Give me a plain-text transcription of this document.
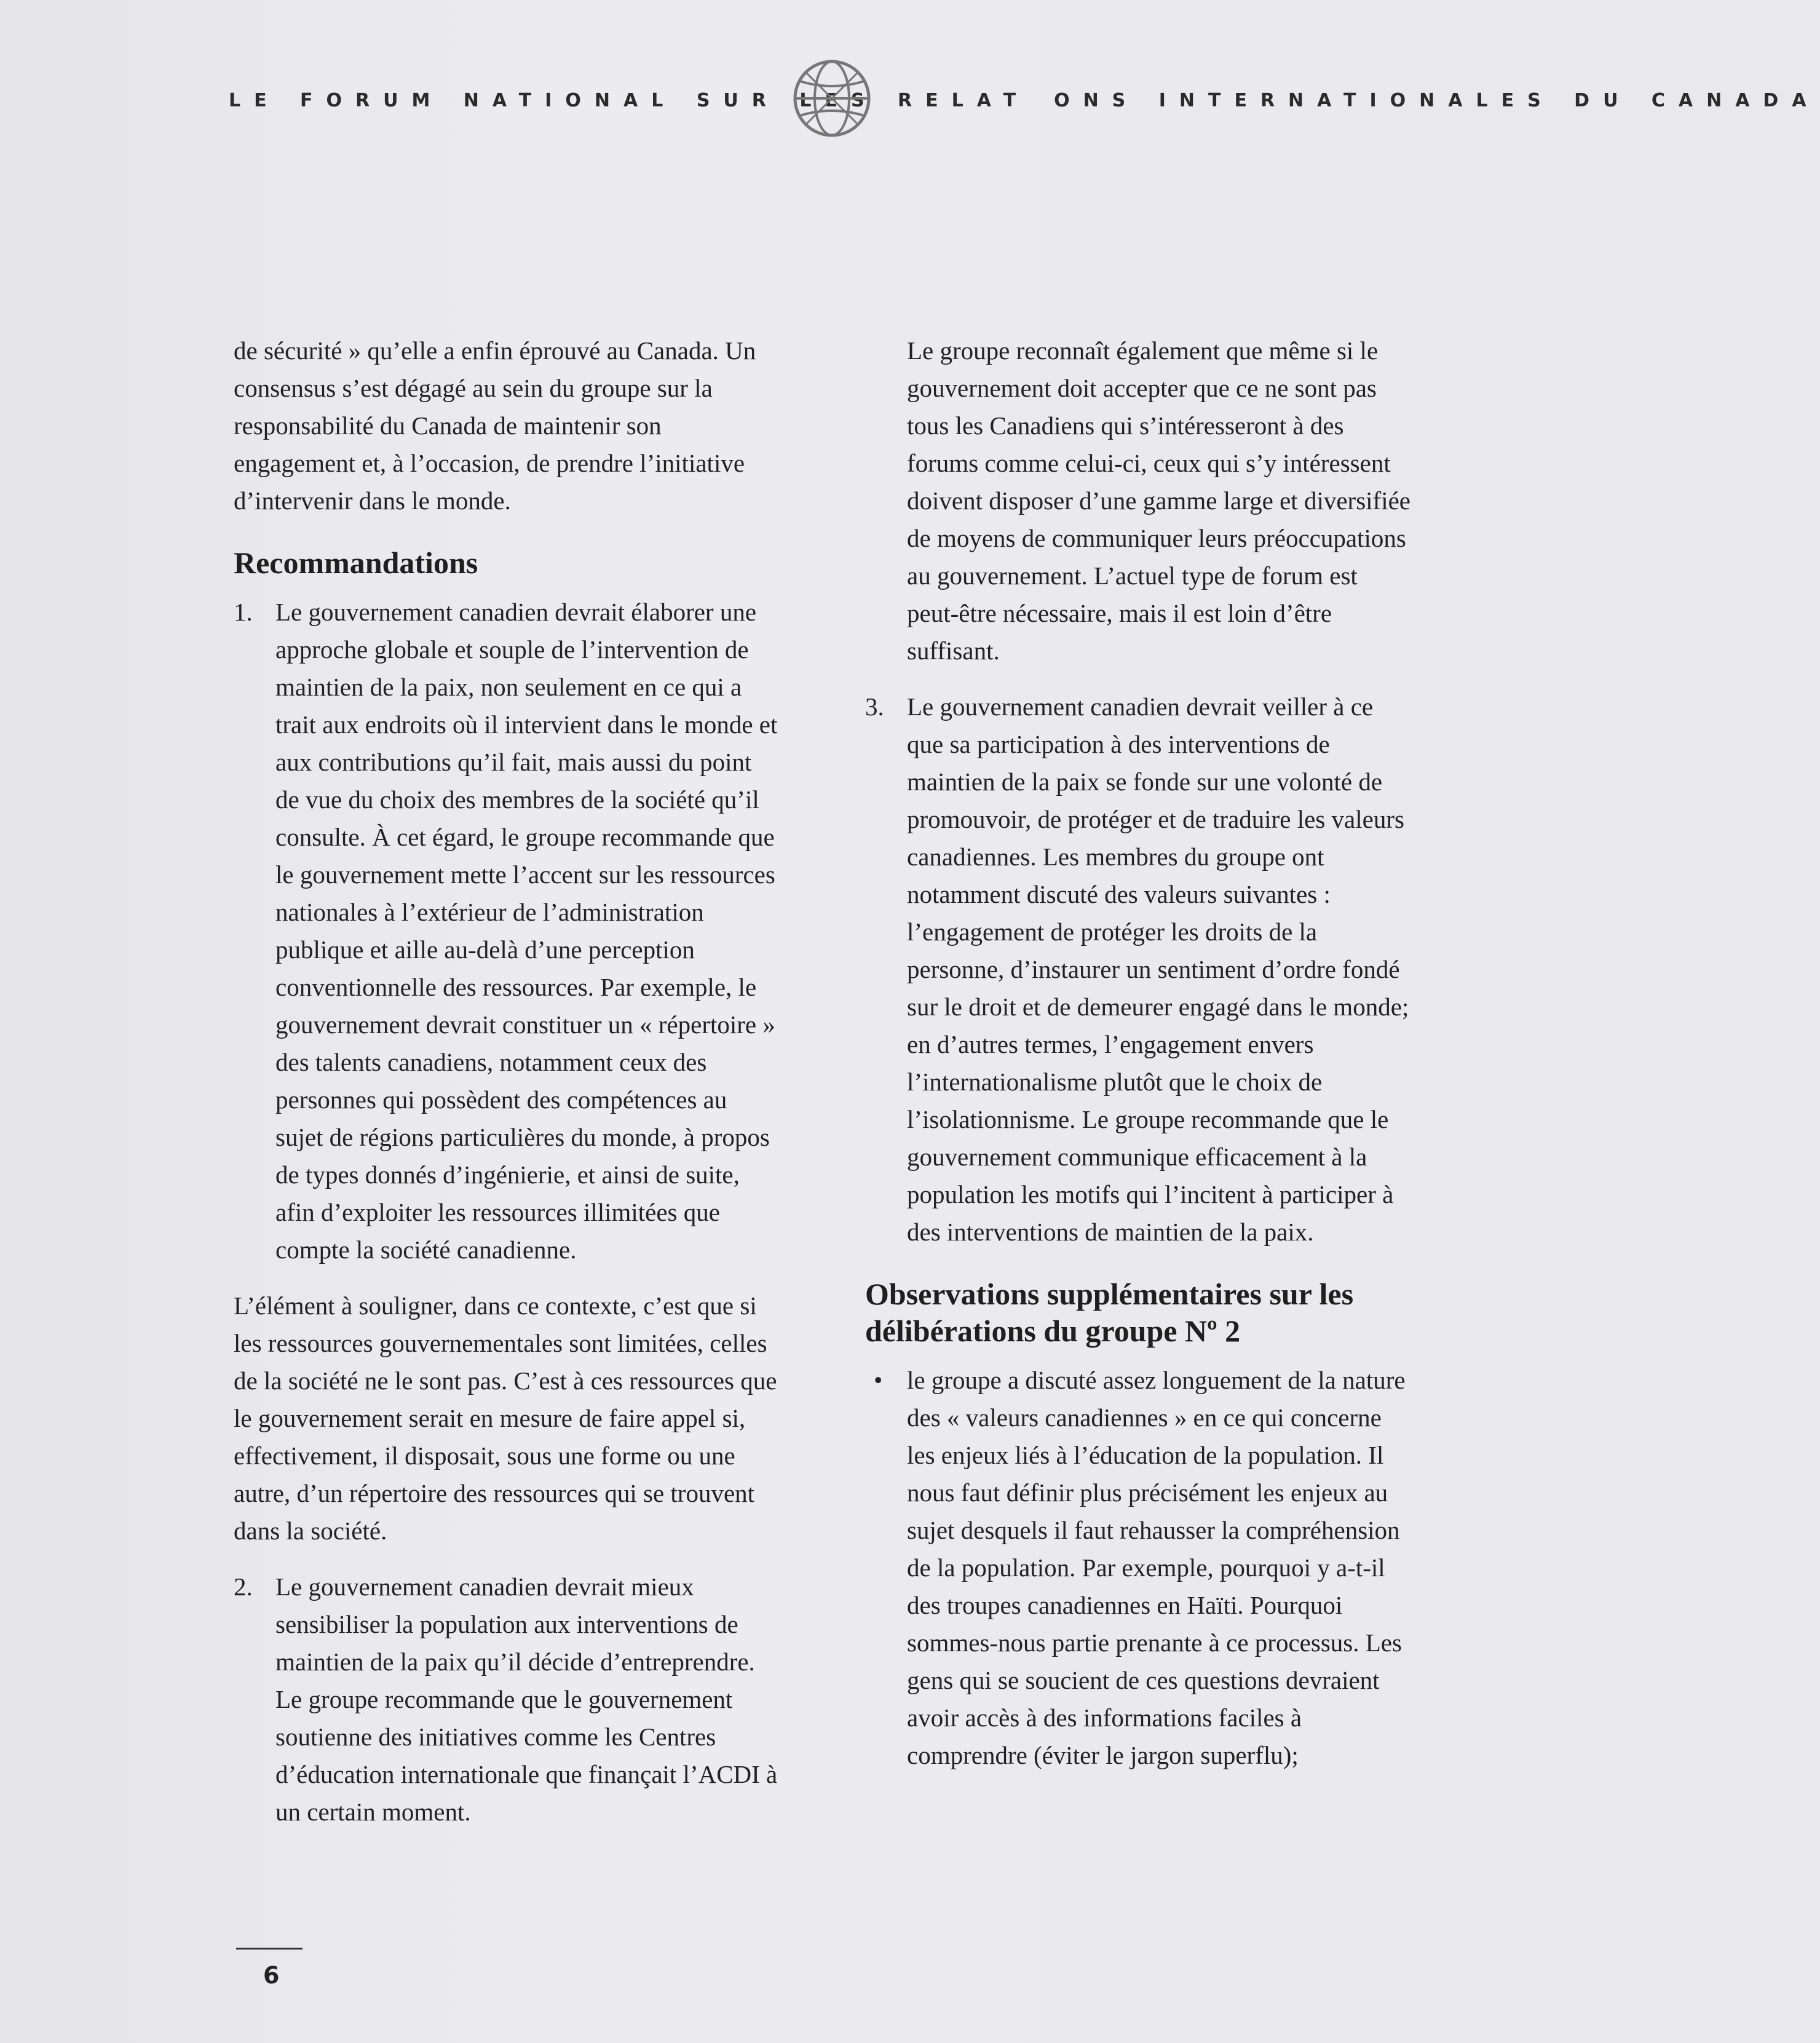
LE FORUM NATIONAL SUR LES RELAT ONS INTERNATIONALES DU CANADA

de sécurité » qu’elle a enfin éprouvé au Canada. Un consensus s’est dégagé au sein du groupe sur la responsabilité du Canada de maintenir son engagement et, à l’occasion, de prendre l’initiative d’intervenir dans le monde.

Recommandations
1. Le gouvernement canadien devrait élaborer une approche globale et souple de l’intervention de maintien de la paix, non seulement en ce qui a trait aux endroits où il intervient dans le monde et aux contributions qu’il fait, mais aussi du point de vue du choix des membres de la société qu’il consulte. À cet égard, le groupe recommande que le gouvernement mette l’accent sur les ressources nationales à l’extérieur de l’administration publique et aille au-delà d’une perception conventionnelle des ressources. Par exemple, le gouvernement devrait constituer un « répertoire » des talents canadiens, notamment ceux des personnes qui possèdent des compétences au sujet de régions particulières du monde, à propos de types donnés d’ingénierie, et ainsi de suite, afin d’exploiter les ressources illimitées que compte la société canadienne.

L’élément à souligner, dans ce contexte, c’est que si les ressources gouvernementales sont limitées, celles de la société ne le sont pas. C’est à ces ressources que le gouvernement serait en mesure de faire appel si, effectivement, il disposait, sous une forme ou une autre, d’un répertoire des ressources qui se trouvent dans la société.

2. Le gouvernement canadien devrait mieux sensibiliser la population aux interventions de maintien de la paix qu’il décide d’entreprendre. Le groupe recommande que le gouvernement soutienne des initiatives comme les Centres d’éducation internationale que finançait l’ACDI à un certain moment.

Le groupe reconnaît également que même si le gouvernement doit accepter que ce ne sont pas tous les Canadiens qui s’intéresseront à des forums comme celui-ci, ceux qui s’y intéressent doivent disposer d’une gamme large et diversifiée de moyens de communiquer leurs préoccupations au gouvernement. L’actuel type de forum est peut-être nécessaire, mais il est loin d’être suffisant.

3. Le gouvernement canadien devrait veiller à ce que sa participation à des interventions de maintien de la paix se fonde sur une volonté de promouvoir, de protéger et de traduire les valeurs canadiennes. Les membres du groupe ont notamment discuté des valeurs suivantes : l’engagement de protéger les droits de la personne, d’instaurer un sentiment d’ordre fondé sur le droit et de demeurer engagé dans le monde; en d’autres termes, l’engagement envers l’internationalisme plutôt que le choix de l’isolationnisme. Le groupe recommande que le gouvernement communique efficacement à la population les motifs qui l’incitent à participer à des interventions de maintien de la paix.
Observations supplémentaires sur les délibérations du groupe Nº 2
• le groupe a discuté assez longuement de la nature des « valeurs canadiennes » en ce qui concerne les enjeux liés à l’éducation de la population. Il nous faut définir plus précisément les enjeux au sujet desquels il faut rehausser la compréhension de la population. Par exemple, pourquoi y a-t-il des troupes canadiennes en Haïti. Pourquoi sommes-nous partie prenante à ce processus. Les gens qui se soucient de ces questions devraient avoir accès à des informations faciles à comprendre (éviter le jargon superflu);
6
